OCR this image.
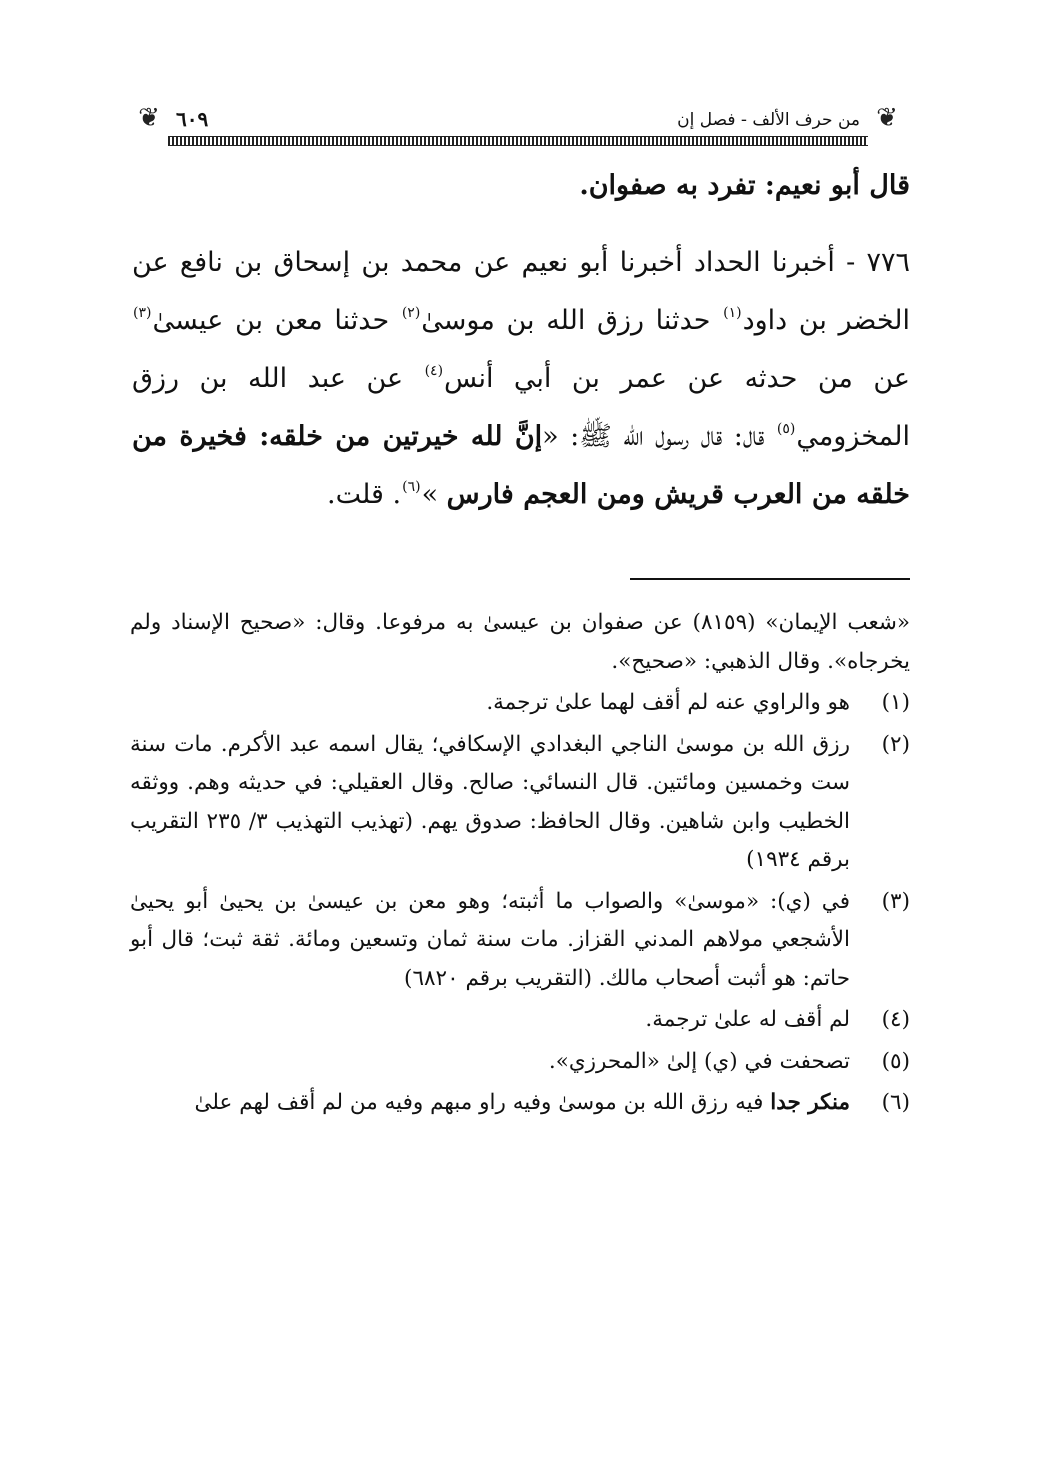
❦
من حرف الألف - فصل إن
٦٠٩
❦

قال أبو نعيم: تفرد به صفوان.

٧٧٦ - أخبرنا الحداد أخبرنا أبو نعيم عن محمد بن إسحاق بن نافع عن الخضر بن داود$^{(١)}$ حدثنا رزق الله بن موسىٰ$^{(٢)}$ حدثنا معن بن عيسىٰ$^{(٣)}$ عن من حدثه عن عمر بن أبي أنس$^{(٤)}$ عن عبد الله بن رزق المخزومي$^{(٥)}$ قال: قال رسول الله ﷺ: «إنَّ لله خيرتين من خلقه: فخيرة من خلقه من العرب قريش ومن العجم فارس »$^{(٦)}$. قلت.

«شعب الإيمان» (٨١٥٩) عن صفوان بن عيسىٰ به مرفوعا. وقال: «صحيح الإسناد ولم يخرجاه». وقال الذهبي: «صحيح».

(١)
هو والراوي عنه لم أقف لهما علىٰ ترجمة.
(٢)
رزق الله بن موسىٰ الناجي البغدادي الإسكافي؛ يقال اسمه عبد الأكرم. مات سنة ست وخمسين ومائتين. قال النسائي: صالح. وقال العقيلي: في حديثه وهم. ووثقه الخطيب وابن شاهين. وقال الحافظ: صدوق يهم. (تهذيب التهذيب ٣/ ٢٣٥ التقريب برقم ١٩٣٤)
(٣)
في (ي): «موسىٰ» والصواب ما أثبته؛ وهو معن بن عيسىٰ بن يحيىٰ أبو يحيىٰ الأشجعي مولاهم المدني القزاز. مات سنة ثمان وتسعين ومائة. ثقة ثبت؛ قال أبو حاتم: هو أثبت أصحاب مالك. (التقريب برقم ٦٨٢٠)
(٤)
لم أقف له علىٰ ترجمة.
(٥)
تصحفت في (ي) إلىٰ «المحرزي».
(٦)
منكر جدا فيه رزق الله بن موسىٰ وفيه راو مبهم وفيه من لم أقف لهم علىٰ
